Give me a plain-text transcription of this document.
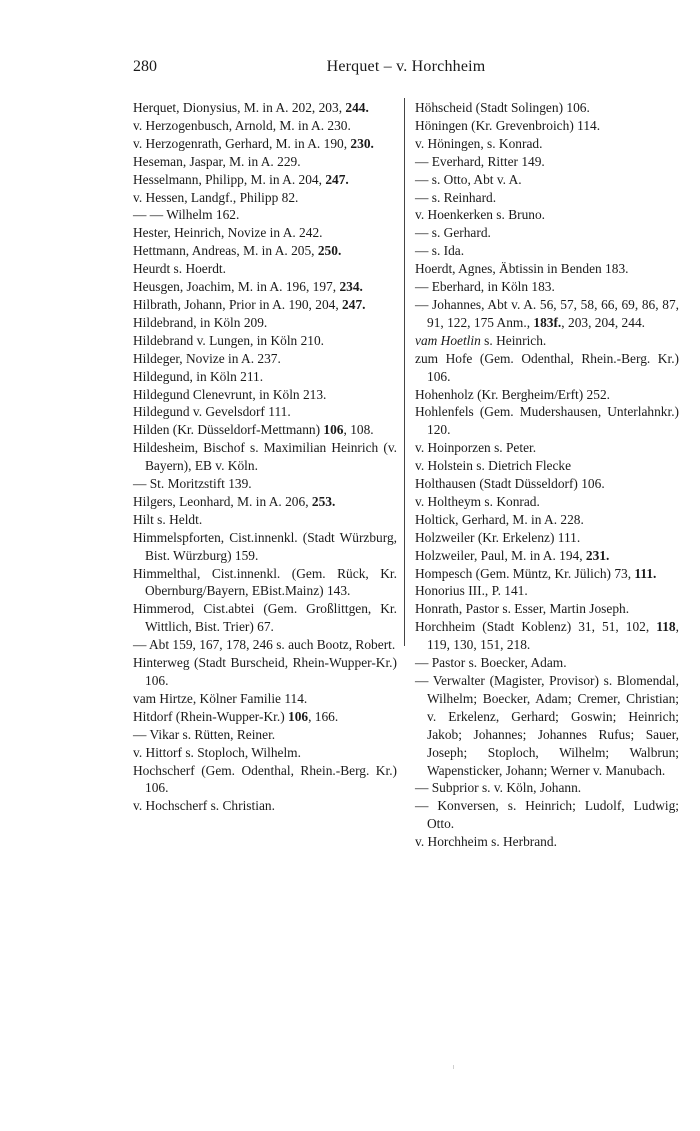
280	Herquet – v. Horchheim
Herquet, Dionysius, M. in A. 202, 203, 244.
v. Herzogenbusch, Arnold, M. in A. 230.
v. Herzogenrath, Gerhard, M. in A. 190, 230.
Heseman, Jaspar, M. in A. 229.
Hesselmann, Philipp, M. in A. 204, 247.
v. Hessen, Landgf., Philipp 82.
— — Wilhelm 162.
Hester, Heinrich, Novize in A. 242.
Hettmann, Andreas, M. in A. 205, 250.
Heurdt s. Hoerdt.
Heusgen, Joachim, M. in A. 196, 197, 234.
Hilbrath, Johann, Prior in A. 190, 204, 247.
Hildebrand, in Köln 209.
Hildebrand v. Lungen, in Köln 210.
Hildeger, Novize in A. 237.
Hildegund, in Köln 211.
Hildegund Clenevrunt, in Köln 213.
Hildegund v. Gevelsdorf 111.
Hilden (Kr. Düsseldorf-Mettmann) 106, 108.
Hildesheim, Bischof s. Maximilian Heinrich (v. Bayern), EB v. Köln.
— St. Moritzstift 139.
Hilgers, Leonhard, M. in A. 206, 253.
Hilt s. Heldt.
Himmelspforten, Cist.innenkl. (Stadt Würzburg, Bist. Würzburg) 159.
Himmelthal, Cist.innenkl. (Gem. Rück, Kr. Obernburg/Bayern, EBist.Mainz) 143.
Himmerod, Cist.abtei (Gem. Großlittgen, Kr. Wittlich, Bist. Trier) 67.
— Abt 159, 167, 178, 246 s. auch Bootz, Robert.
Hinterweg (Stadt Burscheid, Rhein-Wupper-Kr.) 106.
vam Hirtze, Kölner Familie 114.
Hitdorf (Rhein-Wupper-Kr.) 106, 166.
— Vikar s. Rütten, Reiner.
v. Hittorf s. Stoploch, Wilhelm.
Hochscherf (Gem. Odenthal, Rhein.-Berg. Kr.) 106.
v. Hochscherf s. Christian.
Höhscheid (Stadt Solingen) 106.
Höningen (Kr. Grevenbroich) 114.
v. Höningen, s. Konrad.
— Everhard, Ritter 149.
— s. Otto, Abt v. A.
— s. Reinhard.
v. Hoenkerken s. Bruno.
— s. Gerhard.
— s. Ida.
Hoerdt, Agnes, Äbtissin in Benden 183.
— Eberhard, in Köln 183.
— Johannes, Abt v. A. 56, 57, 58, 66, 69, 86, 87, 91, 122, 175 Anm., 183f., 203, 204, 244.
vam Hoetlin s. Heinrich.
zum Hofe (Gem. Odenthal, Rhein.-Berg. Kr.) 106.
Hohenholz (Kr. Bergheim/Erft) 252.
Hohlenfels (Gem. Mudershausen, Unterlahnkr.) 120.
v. Hoinporzen s. Peter.
v. Holstein s. Dietrich Flecke
Holthausen (Stadt Düsseldorf) 106.
v. Holtheym s. Konrad.
Holtick, Gerhard, M. in A. 228.
Holzweiler (Kr. Erkelenz) 111.
Holzweiler, Paul, M. in A. 194, 231.
Hompesch (Gem. Müntz, Kr. Jülich) 73, 111.
Honorius III., P. 141.
Honrath, Pastor s. Esser, Martin Joseph.
Horchheim (Stadt Koblenz) 31, 51, 102, 118, 119, 130, 151, 218.
— Pastor s. Boecker, Adam.
— Verwalter (Magister, Provisor) s. Blomendal, Wilhelm; Boecker, Adam; Cremer, Christian; v. Erkelenz, Gerhard; Goswin; Heinrich; Jakob; Johannes; Johannes Rufus; Sauer, Joseph; Stoploch, Wilhelm; Walbrun; Wapensticker, Johann; Werner v. Manubach.
— Subprior s. v. Köln, Johann.
— Konversen, s. Heinrich; Ludolf, Ludwig; Otto.
v. Horchheim s. Herbrand.
